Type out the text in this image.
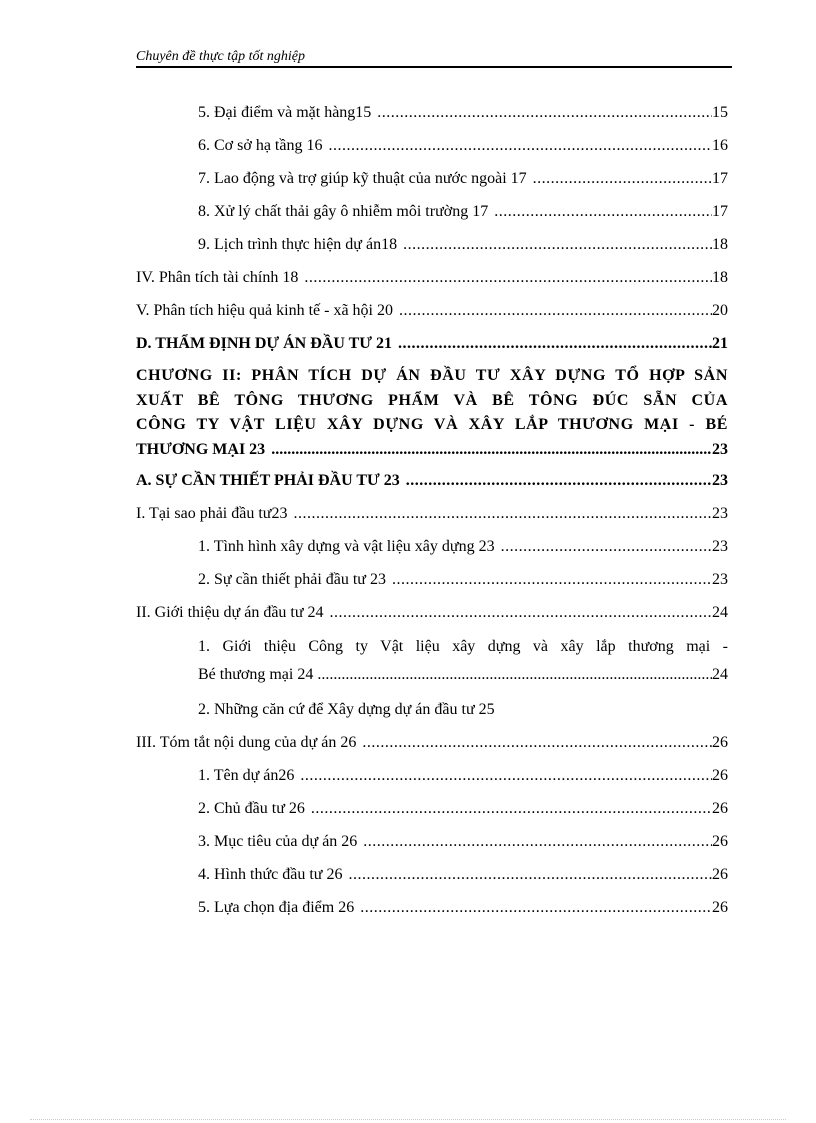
Chuyên đề thực tập tốt nghiệp
5. Đại điểm và mặt hàng15 .....	15
6. Cơ sở hạ tầng 16 .....	16
7. Lao động và trợ giúp kỹ thuật của nước ngoài 17 .....	17
8. Xử lý chất thải gây ô nhiễm môi trường 17 .....	17
9. Lịch trình thực hiện dự án18 .....	18
IV. Phân tích tài chính 18 .....	18
V. Phân tích hiệu quả kinh tế - xã hội 20 .....	20
D. THẨM ĐỊNH DỰ ÁN ĐẦU TƯ 21 .....	21
CHƯƠNG II: PHÂN TÍCH DỰ ÁN ĐẦU TƯ XÂY DỰNG TỔ HỢP SẢN
XUẤT BÊ TÔNG THƯƠNG PHẨM VÀ BÊ TÔNG ĐÚC SẴN CỦA
CÔNG TY VẬT LIỆU XÂY DỰNG VÀ XÂY LẮP THƯƠNG MẠI - BÉ
THƯƠNG MẠI 23 .....	23
A. SỰ CẦN THIẾT PHẢI ĐẦU TƯ 23 .....	23
I. Tại sao phải đầu tư23 .....	23
1. Tình hình xây dựng và vật liệu xây dựng 23 .....	23
2. Sự cần thiết phải đầu tư 23 .....	23
II. Giới thiệu dự án đầu tư 24 .....	24
1. Giới thiệu Công ty Vật liệu xây dựng và xây lắp thương mại -
Bé thương mại 24 .....	24
2. Những căn cứ để Xây dựng dự án đầu tư 25
III. Tóm tắt nội dung của dự án 26 .....	26
1. Tên dự án26 .....	26
2. Chủ đầu tư 26 .....	26
3. Mục tiêu của dự án 26 .....	26
4. Hình thức đầu tư 26 .....	26
5. Lựa chọn địa điểm 26 .....	26
